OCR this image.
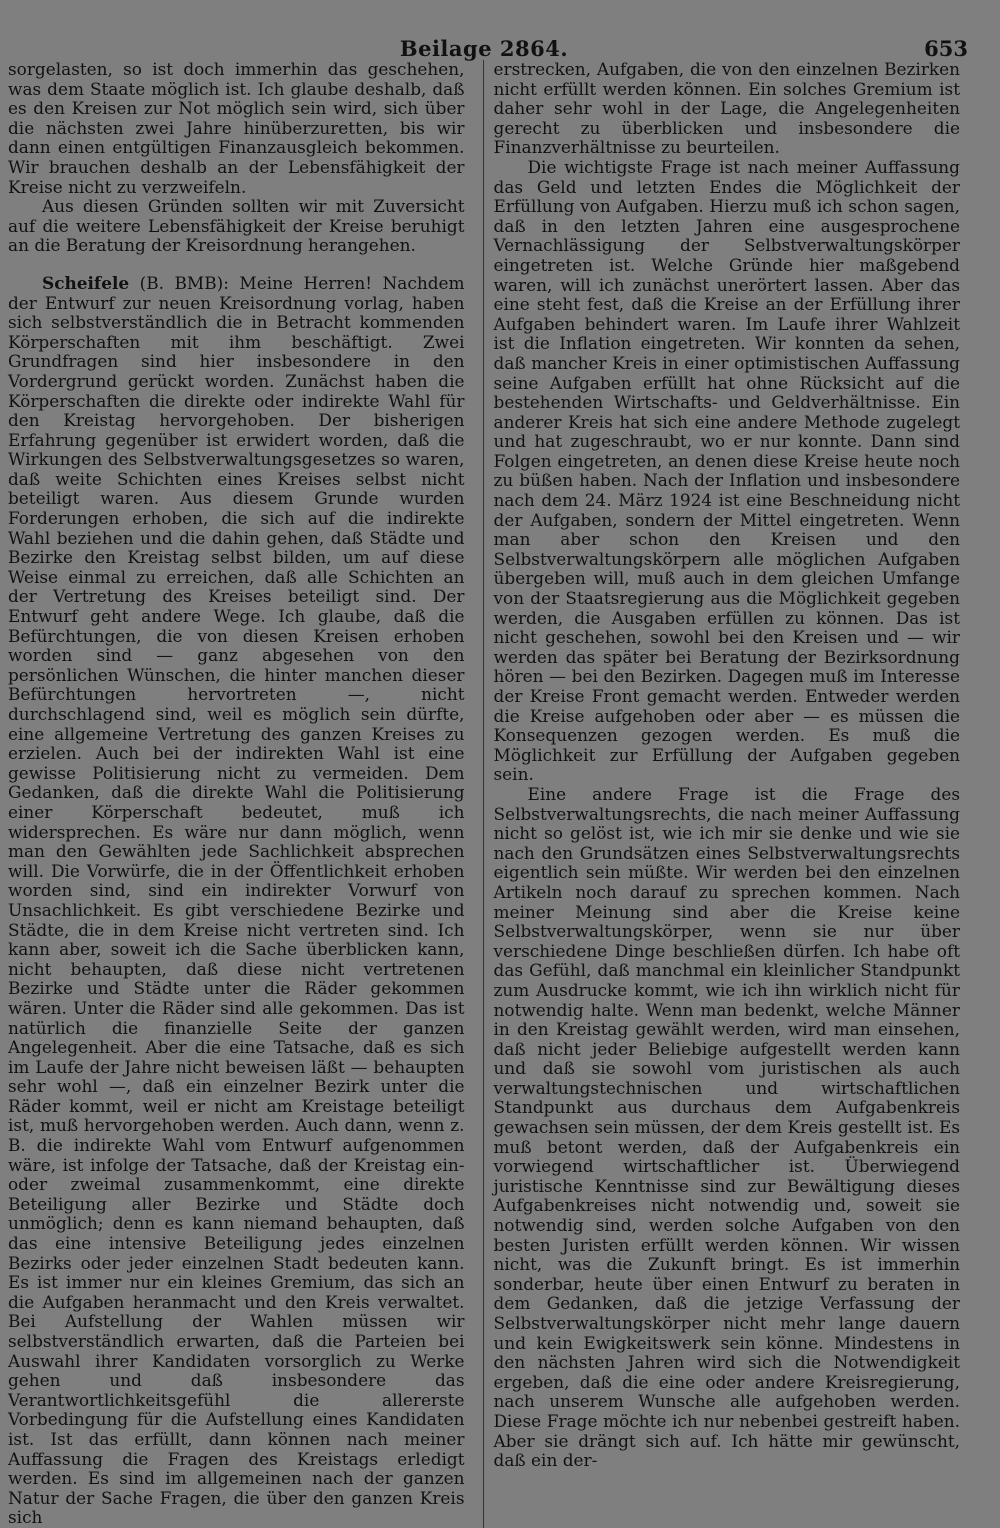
Beilage 2864.	653

sorgelasten, so ist doch immerhin das geschehen, was dem Staate möglich ist. Ich glaube deshalb, daß es den Kreisen zur Not möglich sein wird, sich über die nächsten zwei Jahre hinüberzuretten, bis wir dann einen entgültigen Finanzausgleich bekommen. Wir brauchen deshalb an der Lebensfähigkeit der Kreise nicht zu verzweifeln.

Aus diesen Gründen sollten wir mit Zuversicht auf die weitere Lebensfähigkeit der Kreise beruhigt an die Beratung der Kreisordnung herangehen.

Scheifele (B. BMB): Meine Herren! Nachdem der Entwurf zur neuen Kreisordnung vorlag, haben sich selbstverständlich die in Betracht kommenden Körperschaften mit ihm beschäftigt. Zwei Grundfragen sind hier insbesondere in den Vordergrund gerückt worden. Zunächst haben die Körperschaften die direkte oder indirekte Wahl für den Kreistag hervorgehoben. Der bisherigen Erfahrung gegenüber ist erwidert worden, daß die Wirkungen des Selbstverwaltungsgesetzes so waren, daß weite Schichten eines Kreises selbst nicht beteiligt waren. Aus diesem Grunde wurden Forderungen erhoben, die sich auf die indirekte Wahl beziehen und die dahin gehen, daß Städte und Bezirke den Kreistag selbst bilden, um auf diese Weise einmal zu erreichen, daß alle Schichten an der Vertretung des Kreises beteiligt sind. Der Entwurf geht andere Wege. Ich glaube, daß die Befürchtungen, die von diesen Kreisen erhoben worden sind — ganz abgesehen von den persönlichen Wünschen, die hinter manchen dieser Befürchtungen hervortreten —, nicht durchschlagend sind, weil es möglich sein dürfte, eine allgemeine Vertretung des ganzen Kreises zu erzielen. Auch bei der indirekten Wahl ist eine gewisse Politisierung nicht zu vermeiden. Dem Gedanken, daß die direkte Wahl die Politisierung einer Körperschaft bedeutet, muß ich widersprechen. Es wäre nur dann möglich, wenn man den Gewählten jede Sachlichkeit absprechen will. Die Vorwürfe, die in der Öffentlichkeit erhoben worden sind, sind ein indirekter Vorwurf von Unsachlichkeit. Es gibt verschiedene Bezirke und Städte, die in dem Kreise nicht vertreten sind. Ich kann aber, soweit ich die Sache überblicken kann, nicht behaupten, daß diese nicht vertretenen Bezirke und Städte unter die Räder gekommen wären. Unter die Räder sind alle gekommen. Das ist natürlich die finanzielle Seite der ganzen Angelegenheit. Aber die eine Tatsache, daß es sich im Laufe der Jahre nicht beweisen läßt — behaupten sehr wohl —, daß ein einzelner Bezirk unter die Räder kommt, weil er nicht am Kreistage beteiligt ist, muß hervorgehoben werden. Auch dann, wenn z. B. die indirekte Wahl vom Entwurf aufgenommen wäre, ist infolge der Tatsache, daß der Kreistag ein- oder zweimal zusammenkommt, eine direkte Beteiligung aller Bezirke und Städte doch unmöglich; denn es kann niemand behaupten, daß das eine intensive Beteiligung jedes einzelnen Bezirks oder jeder einzelnen Stadt bedeuten kann. Es ist immer nur ein kleines Gremium, das sich an die Aufgaben heranmacht und den Kreis verwaltet. Bei Aufstellung der Wahlen müssen wir selbstverständlich erwarten, daß die Parteien bei Auswahl ihrer Kandidaten vorsorglich zu Werke gehen und daß insbesondere das Verantwortlichkeitsgefühl die allererste Vorbedingung für die Aufstellung eines Kandidaten ist. Ist das erfüllt, dann können nach meiner Auffassung die Fragen des Kreistags erledigt werden. Es sind im allgemeinen nach der ganzen Natur der Sache Fragen, die über den ganzen Kreis sich

erstrecken, Aufgaben, die von den einzelnen Bezirken nicht erfüllt werden können. Ein solches Gremium ist daher sehr wohl in der Lage, die Angelegenheiten gerecht zu überblicken und insbesondere die Finanzverhältnisse zu beurteilen.

Die wichtigste Frage ist nach meiner Auffassung das Geld und letzten Endes die Möglichkeit der Erfüllung von Aufgaben. Hierzu muß ich schon sagen, daß in den letzten Jahren eine ausgesprochene Vernachlässigung der Selbstverwaltungskörper eingetreten ist. Welche Gründe hier maßgebend waren, will ich zunächst unerörtert lassen. Aber das eine steht fest, daß die Kreise an der Erfüllung ihrer Aufgaben behindert waren. Im Laufe ihrer Wahlzeit ist die Inflation eingetreten. Wir konnten da sehen, daß mancher Kreis in einer optimistischen Auffassung seine Aufgaben erfüllt hat ohne Rücksicht auf die bestehenden Wirtschafts- und Geldverhältnisse. Ein anderer Kreis hat sich eine andere Methode zugelegt und hat zugeschraubt, wo er nur konnte. Dann sind Folgen eingetreten, an denen diese Kreise heute noch zu büßen haben. Nach der Inflation und insbesondere nach dem 24. März 1924 ist eine Beschneidung nicht der Aufgaben, sondern der Mittel eingetreten. Wenn man aber schon den Kreisen und den Selbstverwaltungskörpern alle möglichen Aufgaben übergeben will, muß auch in dem gleichen Umfange von der Staatsregierung aus die Möglichkeit gegeben werden, die Ausgaben erfüllen zu können. Das ist nicht geschehen, sowohl bei den Kreisen und — wir werden das später bei Beratung der Bezirksordnung hören — bei den Bezirken. Dagegen muß im Interesse der Kreise Front gemacht werden. Entweder werden die Kreise aufgehoben oder aber — es müssen die Konsequenzen gezogen werden. Es muß die Möglichkeit zur Erfüllung der Aufgaben gegeben sein.

Eine andere Frage ist die Frage des Selbstverwaltungsrechts, die nach meiner Auffassung nicht so gelöst ist, wie ich mir sie denke und wie sie nach den Grundsätzen eines Selbstverwaltungsrechts eigentlich sein müßte. Wir werden bei den einzelnen Artikeln noch darauf zu sprechen kommen. Nach meiner Meinung sind aber die Kreise keine Selbstverwaltungskörper, wenn sie nur über verschiedene Dinge beschließen dürfen. Ich habe oft das Gefühl, daß manchmal ein kleinlicher Standpunkt zum Ausdrucke kommt, wie ich ihn wirklich nicht für notwendig halte. Wenn man bedenkt, welche Männer in den Kreistag gewählt werden, wird man einsehen, daß nicht jeder Beliebige aufgestellt werden kann und daß sie sowohl vom juristischen als auch verwaltungstechnischen und wirtschaftlichen Standpunkt aus durchaus dem Aufgabenkreis gewachsen sein müssen, der dem Kreis gestellt ist. Es muß betont werden, daß der Aufgabenkreis ein vorwiegend wirtschaftlicher ist. Überwiegend juristische Kenntnisse sind zur Bewältigung dieses Aufgabenkreises nicht notwendig und, soweit sie notwendig sind, werden solche Aufgaben von den besten Juristen erfüllt werden können. Wir wissen nicht, was die Zukunft bringt. Es ist immerhin sonderbar, heute über einen Entwurf zu beraten in dem Gedanken, daß die jetzige Verfassung der Selbstverwaltungskörper nicht mehr lange dauern und kein Ewigkeitswerk sein könne. Mindestens in den nächsten Jahren wird sich die Notwendigkeit ergeben, daß die eine oder andere Kreisregierung, nach unserem Wunsche alle aufgehoben werden. Diese Frage möchte ich nur nebenbei gestreift haben. Aber sie drängt sich auf. Ich hätte mir gewünscht, daß ein der-
